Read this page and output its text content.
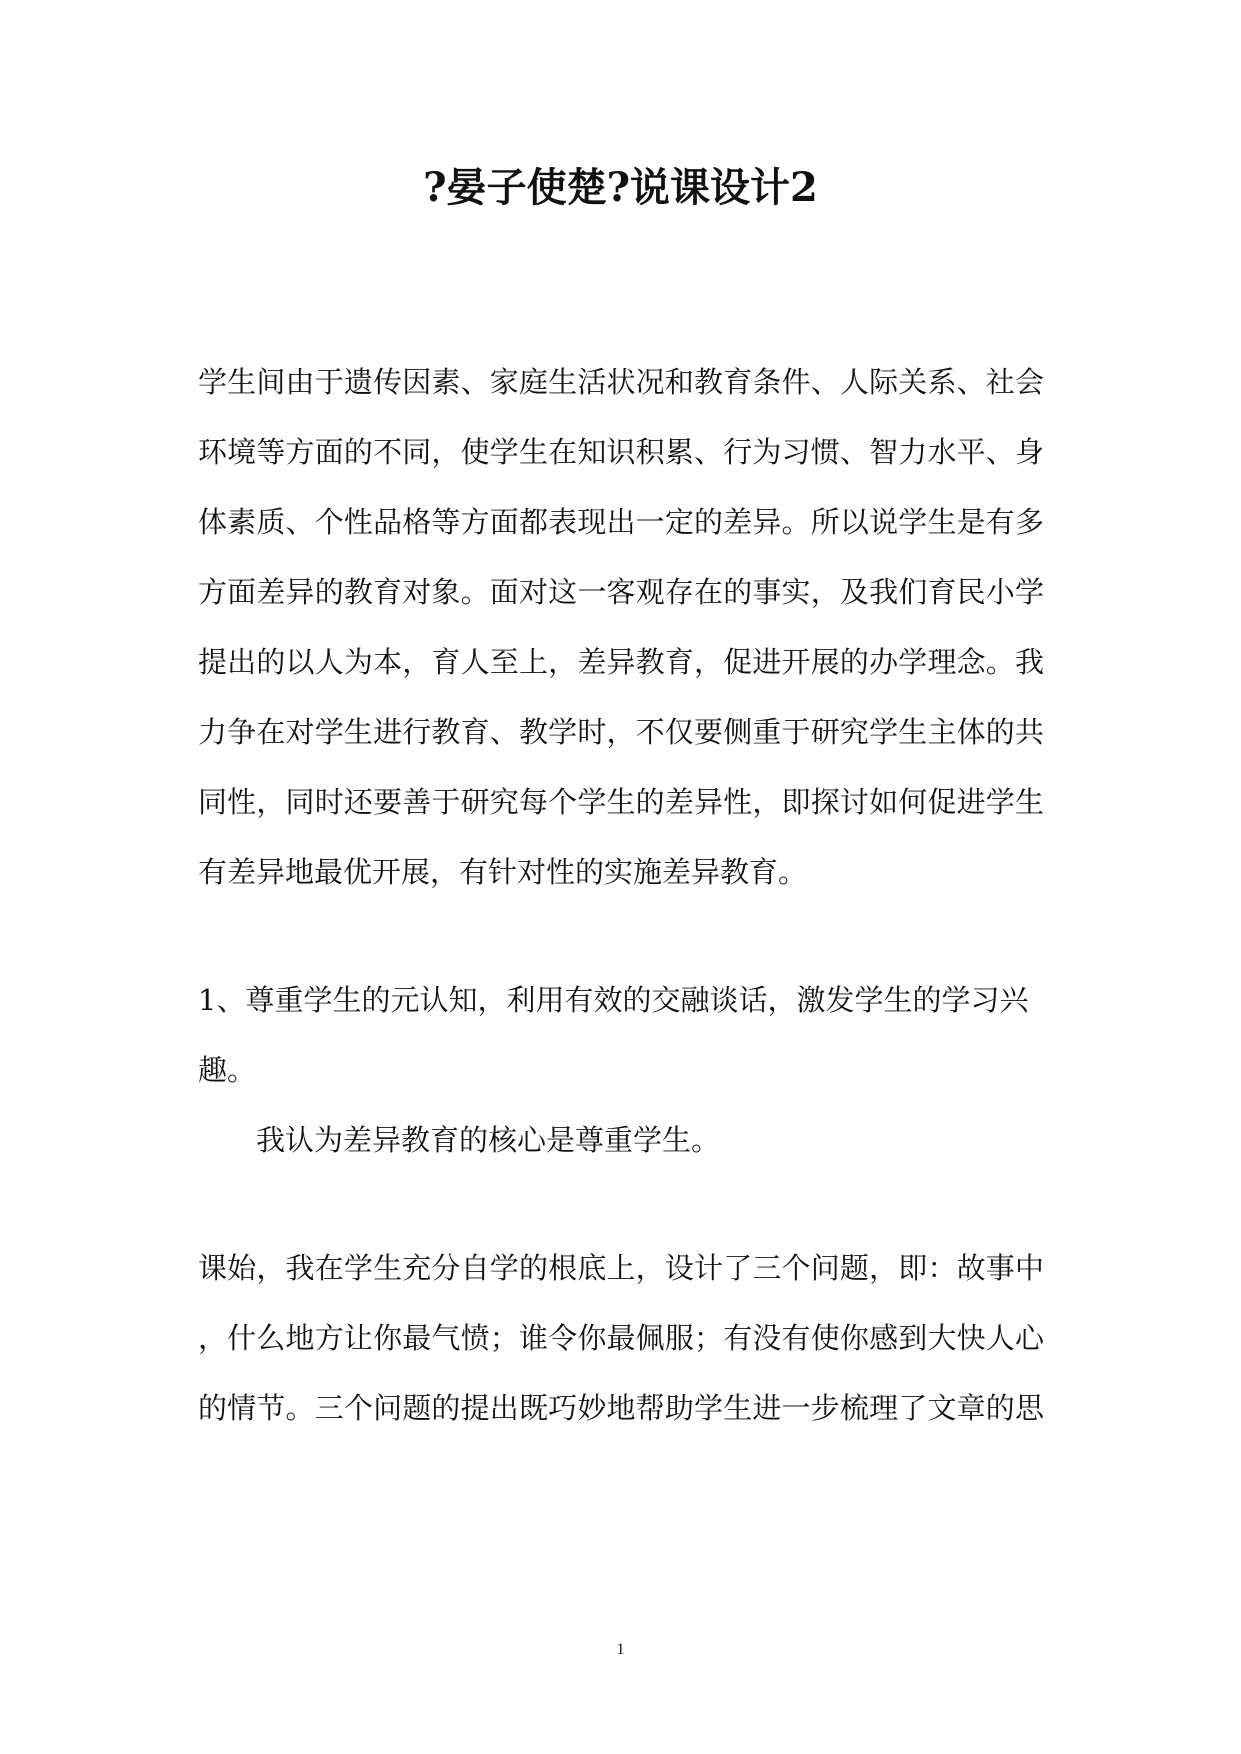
?晏子使楚?说课设计2
学生间由于遗传因素、家庭生活状况和教育条件、人际关系、社会
环境等方面的不同，使学生在知识积累、行为习惯、智力水平、身
体素质、个性品格等方面都表现出一定的差异。所以说学生是有多
方面差异的教育对象。面对这一客观存在的事实，及我们育民小学
提出的以人为本，育人至上，差异教育，促进开展的办学理念。我
力争在对学生进行教育、教学时，不仅要侧重于研究学生主体的共
同性，同时还要善于研究每个学生的差异性，即探讨如何促进学生
有差异地最优开展，有针对性的实施差异教育。
1、尊重学生的元认知，利用有效的交融谈话，激发学生的学习兴
趣。
我认为差异教育的核心是尊重学生。
课始，我在学生充分自学的根底上，设计了三个问题，即：故事中
，什么地方让你最气愤；谁令你最佩服；有没有使你感到大快人心
的情节。三个问题的提出既巧妙地帮助学生进一步梳理了文章的思
1
